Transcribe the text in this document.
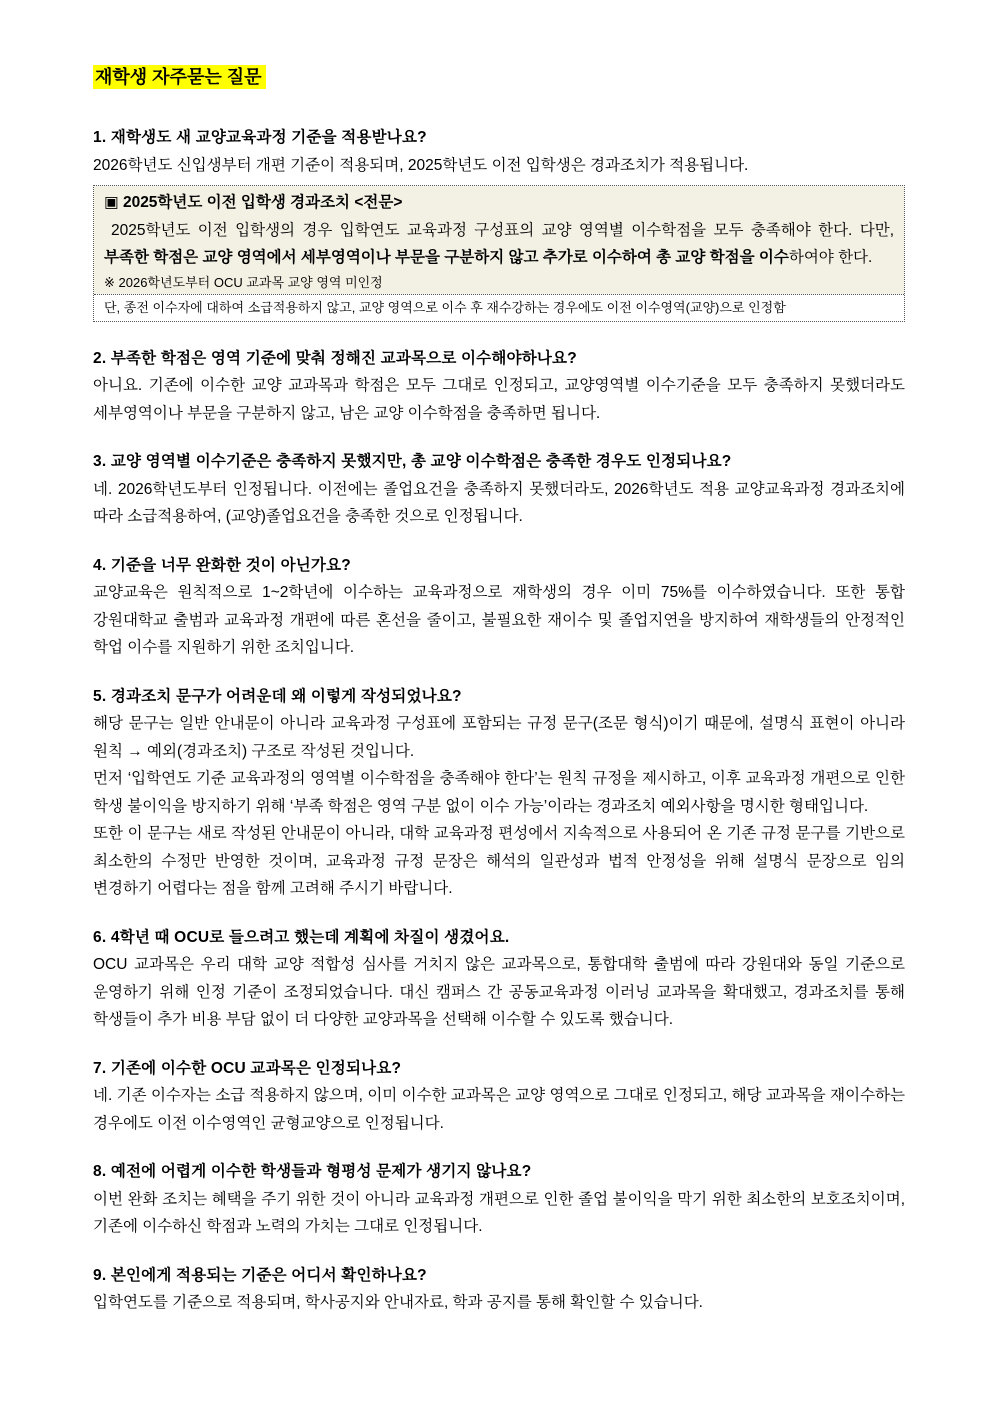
재학생 자주묻는 질문

1. 재학생도 새 교양교육과정 기준을 적용받나요?

2026학년도 신입생부터 개편 기준이 적용되며, 2025학년도 이전 입학생은 경과조치가 적용됩니다.

▣ 2025학년도 이전 입학생 경과조치 <전문>

2025학년도 이전 입학생의 경우 입학연도 교육과정 구성표의 교양 영역별 이수학점을 모두 충족해야 한다. 다만, 부족한 학점은 교양 영역에서 세부영역이나 부문을 구분하지 않고 추가로 이수하여 총 교양 학점을 이수하여야 한다.

※ 2026학년도부터 OCU 교과목 교양 영역 미인정

단, 종전 이수자에 대하여 소급적용하지 않고, 교양 영역으로 이수 후 재수강하는 경우에도 이전 이수영역(교양)으로 인정함

2. 부족한 학점은 영역 기준에 맞춰 정해진 교과목으로 이수해야하나요?

아니요. 기존에 이수한 교양 교과목과 학점은 모두 그대로 인정되고, 교양영역별 이수기준을 모두 충족하지 못했더라도 세부영역이나 부문을 구분하지 않고, 남은 교양 이수학점을 충족하면 됩니다.

3. 교양 영역별 이수기준은 충족하지 못했지만, 총 교양 이수학점은 충족한 경우도 인정되나요?

네. 2026학년도부터 인정됩니다. 이전에는 졸업요건을 충족하지 못했더라도, 2026학년도 적용 교양교육과정 경과조치에 따라 소급적용하여, (교양)졸업요건을 충족한 것으로 인정됩니다.

4. 기준을 너무 완화한 것이 아닌가요?

교양교육은 원칙적으로 1~2학년에 이수하는 교육과정으로 재학생의 경우 이미 75%를 이수하였습니다. 또한 통합 강원대학교 출범과 교육과정 개편에 따른 혼선을 줄이고, 불필요한 재이수 및 졸업지연을 방지하여 재학생들의 안정적인 학업 이수를 지원하기 위한 조치입니다.

5. 경과조치 문구가 어려운데 왜 이렇게 작성되었나요?

해당 문구는 일반 안내문이 아니라 교육과정 구성표에 포함되는 규정 문구(조문 형식)이기 때문에, 설명식 표현이 아니라 원칙 → 예외(경과조치) 구조로 작성된 것입니다.

먼저 ‘입학연도 기준 교육과정의 영역별 이수학점을 충족해야 한다’는 원칙 규정을 제시하고, 이후 교육과정 개편으로 인한 학생 불이익을 방지하기 위해 ‘부족 학점은 영역 구분 없이 이수 가능’이라는 경과조치 예외사항을 명시한 형태입니다.

또한 이 문구는 새로 작성된 안내문이 아니라, 대학 교육과정 편성에서 지속적으로 사용되어 온 기존 규정 문구를 기반으로 최소한의 수정만 반영한 것이며, 교육과정 규정 문장은 해석의 일관성과 법적 안정성을 위해 설명식 문장으로 임의 변경하기 어렵다는 점을 함께 고려해 주시기 바랍니다.

6. 4학년 때 OCU로 들으려고 했는데 계획에 차질이 생겼어요.

OCU 교과목은 우리 대학 교양 적합성 심사를 거치지 않은 교과목으로, 통합대학 출범에 따라 강원대와 동일 기준으로 운영하기 위해 인정 기준이 조정되었습니다. 대신 캠퍼스 간 공동교육과정 이러닝 교과목을 확대했고, 경과조치를 통해 학생들이 추가 비용 부담 없이 더 다양한 교양과목을 선택해 이수할 수 있도록 했습니다.

7. 기존에 이수한 OCU 교과목은 인정되나요?

네. 기존 이수자는 소급 적용하지 않으며, 이미 이수한 교과목은 교양 영역으로 그대로 인정되고, 해당 교과목을 재이수하는 경우에도 이전 이수영역인 균형교양으로 인정됩니다.

8. 예전에 어렵게 이수한 학생들과 형평성 문제가 생기지 않나요?

이번 완화 조치는 혜택을 주기 위한 것이 아니라 교육과정 개편으로 인한 졸업 불이익을 막기 위한 최소한의 보호조치이며, 기존에 이수하신 학점과 노력의 가치는 그대로 인정됩니다.

9. 본인에게 적용되는 기준은 어디서 확인하나요?

입학연도를 기준으로 적용되며, 학사공지와 안내자료, 학과 공지를 통해 확인할 수 있습니다.
